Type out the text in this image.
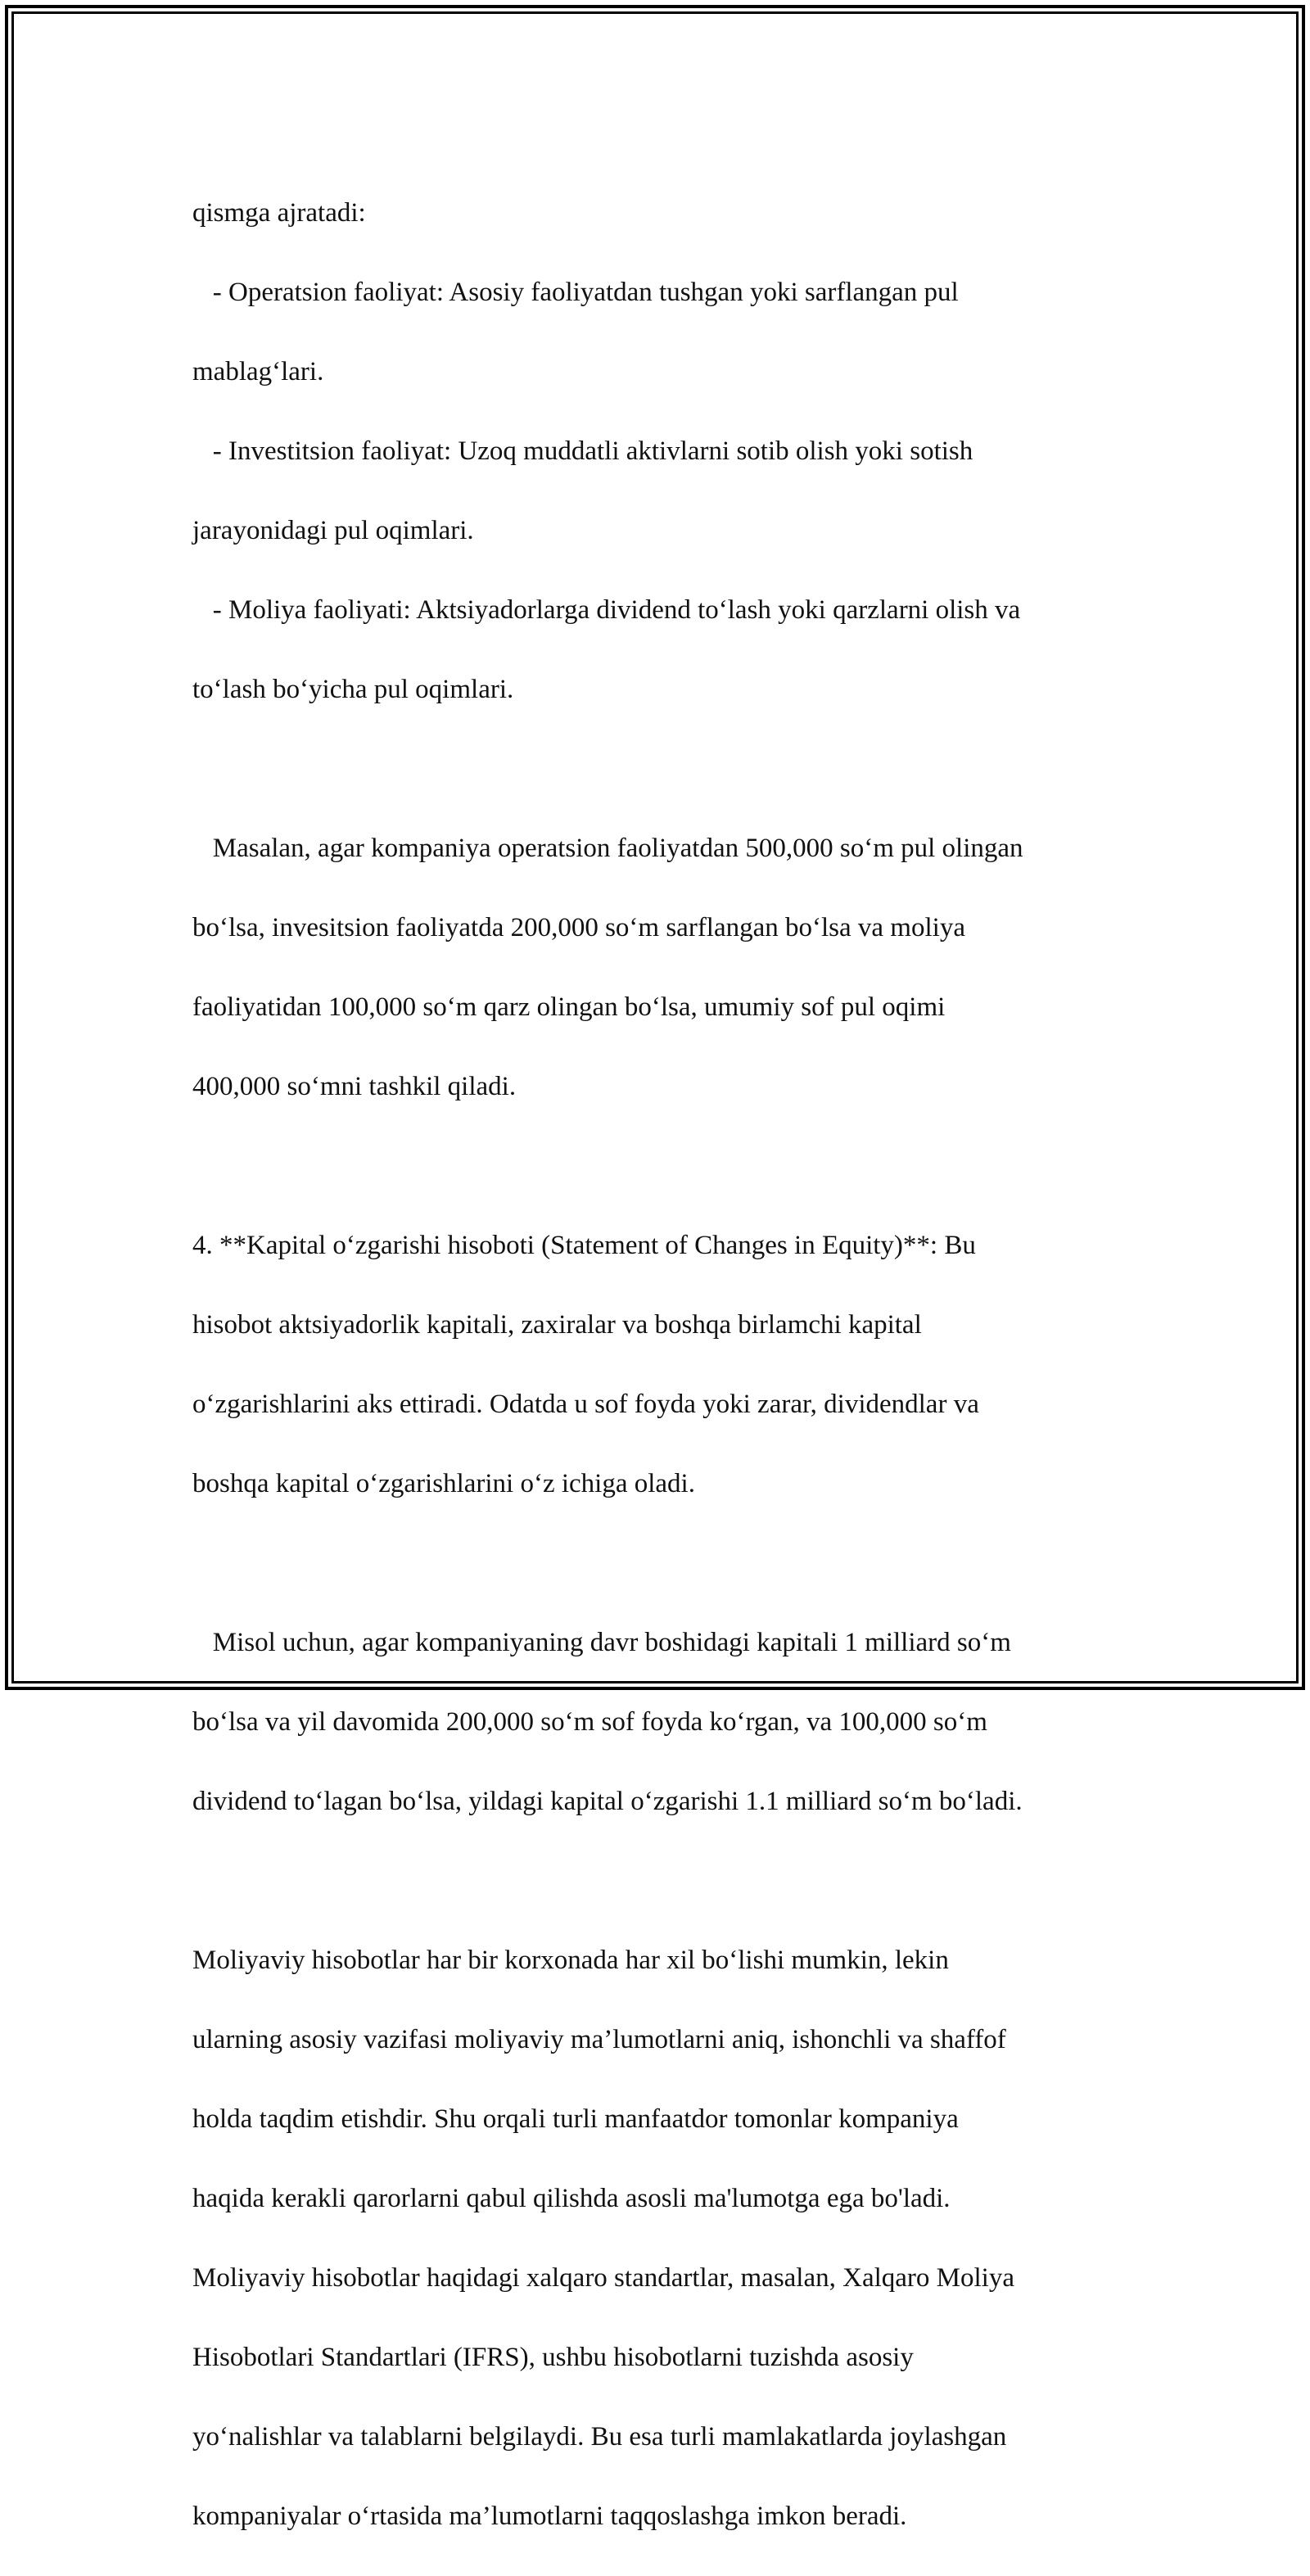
qismga ajratadi:

- Operatsion faoliyat: Asosiy faoliyatdan tushgan yoki sarflangan pul

mablag‘lari.

- Investitsion faoliyat: Uzoq muddatli aktivlarni sotib olish yoki sotish

jarayonidagi pul oqimlari.

- Moliya faoliyati: Aktsiyadorlarga dividend to‘lash yoki qarzlarni olish va

to‘lash bo‘yicha pul oqimlari.

Masalan, agar kompaniya operatsion faoliyatdan 500,000 so‘m pul olingan

bo‘lsa, invesitsion faoliyatda 200,000 so‘m sarflangan bo‘lsa va moliya

faoliyatidan 100,000 so‘m qarz olingan bo‘lsa, umumiy sof pul oqimi

400,000 so‘mni tashkil qiladi.

4. **Kapital o‘zgarishi hisoboti (Statement of Changes in Equity)**: Bu

hisobot aktsiyadorlik kapitali, zaxiralar va boshqa birlamchi kapital

o‘zgarishlarini aks ettiradi. Odatda u sof foyda yoki zarar, dividendlar va

boshqa kapital o‘zgarishlarini o‘z ichiga oladi.

Misol uchun, agar kompaniyaning davr boshidagi kapitali 1 milliard so‘m

bo‘lsa va yil davomida 200,000 so‘m sof foyda ko‘rgan, va 100,000 so‘m

dividend to‘lagan bo‘lsa, yildagi kapital o‘zgarishi 1.1 milliard so‘m bo‘ladi.

Moliyaviy hisobotlar har bir korxonada har xil bo‘lishi mumkin, lekin

ularning asosiy vazifasi moliyaviy ma’lumotlarni aniq, ishonchli va shaffof

holda taqdim etishdir. Shu orqali turli manfaatdor tomonlar kompaniya

haqida kerakli qarorlarni qabul qilishda asosli ma'lumotga ega bo'ladi.

Moliyaviy hisobotlar haqidagi xalqaro standartlar, masalan, Xalqaro Moliya

Hisobotlari Standartlari (IFRS), ushbu hisobotlarni tuzishda asosiy

yo‘nalishlar va talablarni belgilaydi. Bu esa turli mamlakatlarda joylashgan

kompaniyalar o‘rtasida ma’lumotlarni taqqoslashga imkon beradi.
